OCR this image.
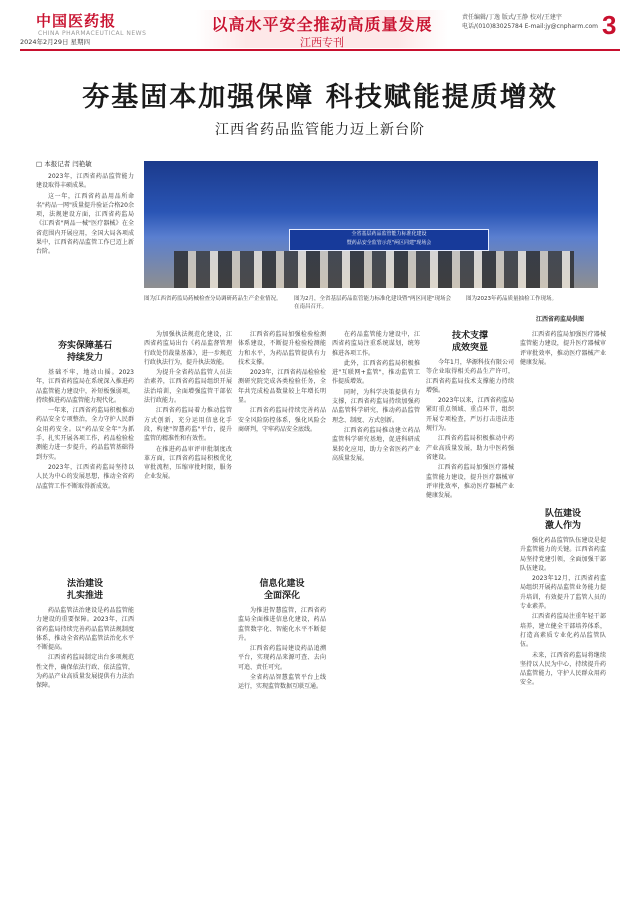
中国医药报
CHINA PHARMACEUTICAL NEWS
2024年2月29日 星期四
以高水平安全推动高质量发展
江西专刊
责任编辑/丁逸 版式/王静 校对/王建宇
电话/(010)83025784 E-mail:jy@cnpharm.com 3
夯基固本加强保障 科技赋能提质增效
江西省药品监管能力迈上新台阶
□ 本报记者 闫艳敏

2023年，江西省药品监管能力建设取得丰硕成果。

这一年，江西省药品用品所命名"药品一网"质量提升验证合格20余项，法规建设方面，江西省药监局《江西省"两品一械"医疗器械》在全省范围内开展应用，全国大局各项成果中，江西省药品监管工作已迈上新台阶。

夯实保障基石
持续发力

基础不牢，地动山摇。2023年，江西省药监局在系统深入推进药品监管能力建设中，补短板强弱项，持续推进药品监管能力现代化。

一年来，江西省药监局积极推动药品安全专项整治，全力守护人民群众用药安全。以"药品安全年"为抓手，扎实开展各项工作，药品检验检测能力进一步提升，药品监管基础得到夯实。

2023年，江西省药监局坚持以人民为中心的发展思想，推动全省药品监管工作不断取得新成效。

法治建设
扎实推进

药品监管法治建设是药品监管能力建设的重要保障。2023年，江西省药监局持续完善药品监管法规制度体系，推动全省药品监管法治化水平不断提高。

江西省药监局制定出台多项规范性文件，确保依法行政、依法监管，为药品产业高质量发展提供有力法治保障。

全省基层药品监管能力标准化建设
暨药品安全监管示范"两区同建"现场会
图为江西省药监局药械检查分局调研药品生产企业情况。	图为2月，全省基层药品监管能力标准化建设暨"两区同建"现场会在南昌召开。
图为2023年药品质量抽检工作现场。
江西省药监局供图

为加强执法规范化建设，江西省药监局出台《药品监督管理行政处罚裁量基准》，进一步规范行政执法行为，提升执法效能。

为提升全省药品监管人员法治素养，江西省药监局组织开展法治培训，全面增强监管干部依法行政能力。

江西省药监局着力推动监管方式创新，充分运用信息化手段，构建"智慧药监"平台，提升监管的精准性和有效性。

在推进药品审评审批制度改革方面，江西省药监局积极优化审批流程，压缩审批时限，服务企业发展。

江西省药监局加强检验检测体系建设，不断提升检验检测能力和水平，为药品监管提供有力技术支撑。

2023年，江西省药品检验检测研究院完成各类检验任务，全年共完成检品数量较上年增长明显。

江西省药监局持续完善药品安全风险防控体系，强化风险会商研判，守牢药品安全底线。

信息化建设
全面深化

为推进智慧监管，江西省药监局全面推进信息化建设，药品监管数字化、智能化水平不断提升。

江西省药监局建设药品追溯平台，实现药品来源可查、去向可追、责任可究。

全省药品智慧监管平台上线运行，实现监管数据互联互通。

在药品监管能力建设中，江西省药监局注重系统谋划，统筹推进各项工作。

此外，江西省药监局积极推进"互联网+监管"，推动监管工作提质增效。

同时，为科学决策提供有力支撑，江西省药监局持续加强药品监管科学研究，推动药品监管理念、制度、方式创新。

江西省药监局推动建立药品监管科学研究基地，促进科研成果转化应用，助力全省医药产业高质量发展。

技术支撑
成效突显

今年1月，华源科技有限公司等企业取得相关药品生产许可，江西省药监局技术支撑能力持续增强。

2023年以来，江西省药监局紧盯重点领域、重点环节，组织开展专项检查，严厉打击违法违规行为。

江西省药监局积极推动中药产业高质量发展，助力中医药强省建设。

江西省药监局加强医疗器械监管能力建设，提升医疗器械审评审批效率，推动医疗器械产业健康发展。

队伍建设
激人作为

江西省药监局加强医疗器械监管能力建设，提升医疗器械审评审批效率，推动医疗器械产业健康发展。

强化药品监管队伍建设是提升监管能力的关键。江西省药监局坚持党建引领，全面加强干部队伍建设。

2023年12月，江西省药监局组织开展药品监管业务能力提升培训，有效提升了监管人员的专业素养。

江西省药监局注重年轻干部培养，建立健全干部培养体系，打造高素质专业化药品监管队伍。

未来，江西省药监局将继续坚持以人民为中心，持续提升药品监管能力，守护人民群众用药安全。
